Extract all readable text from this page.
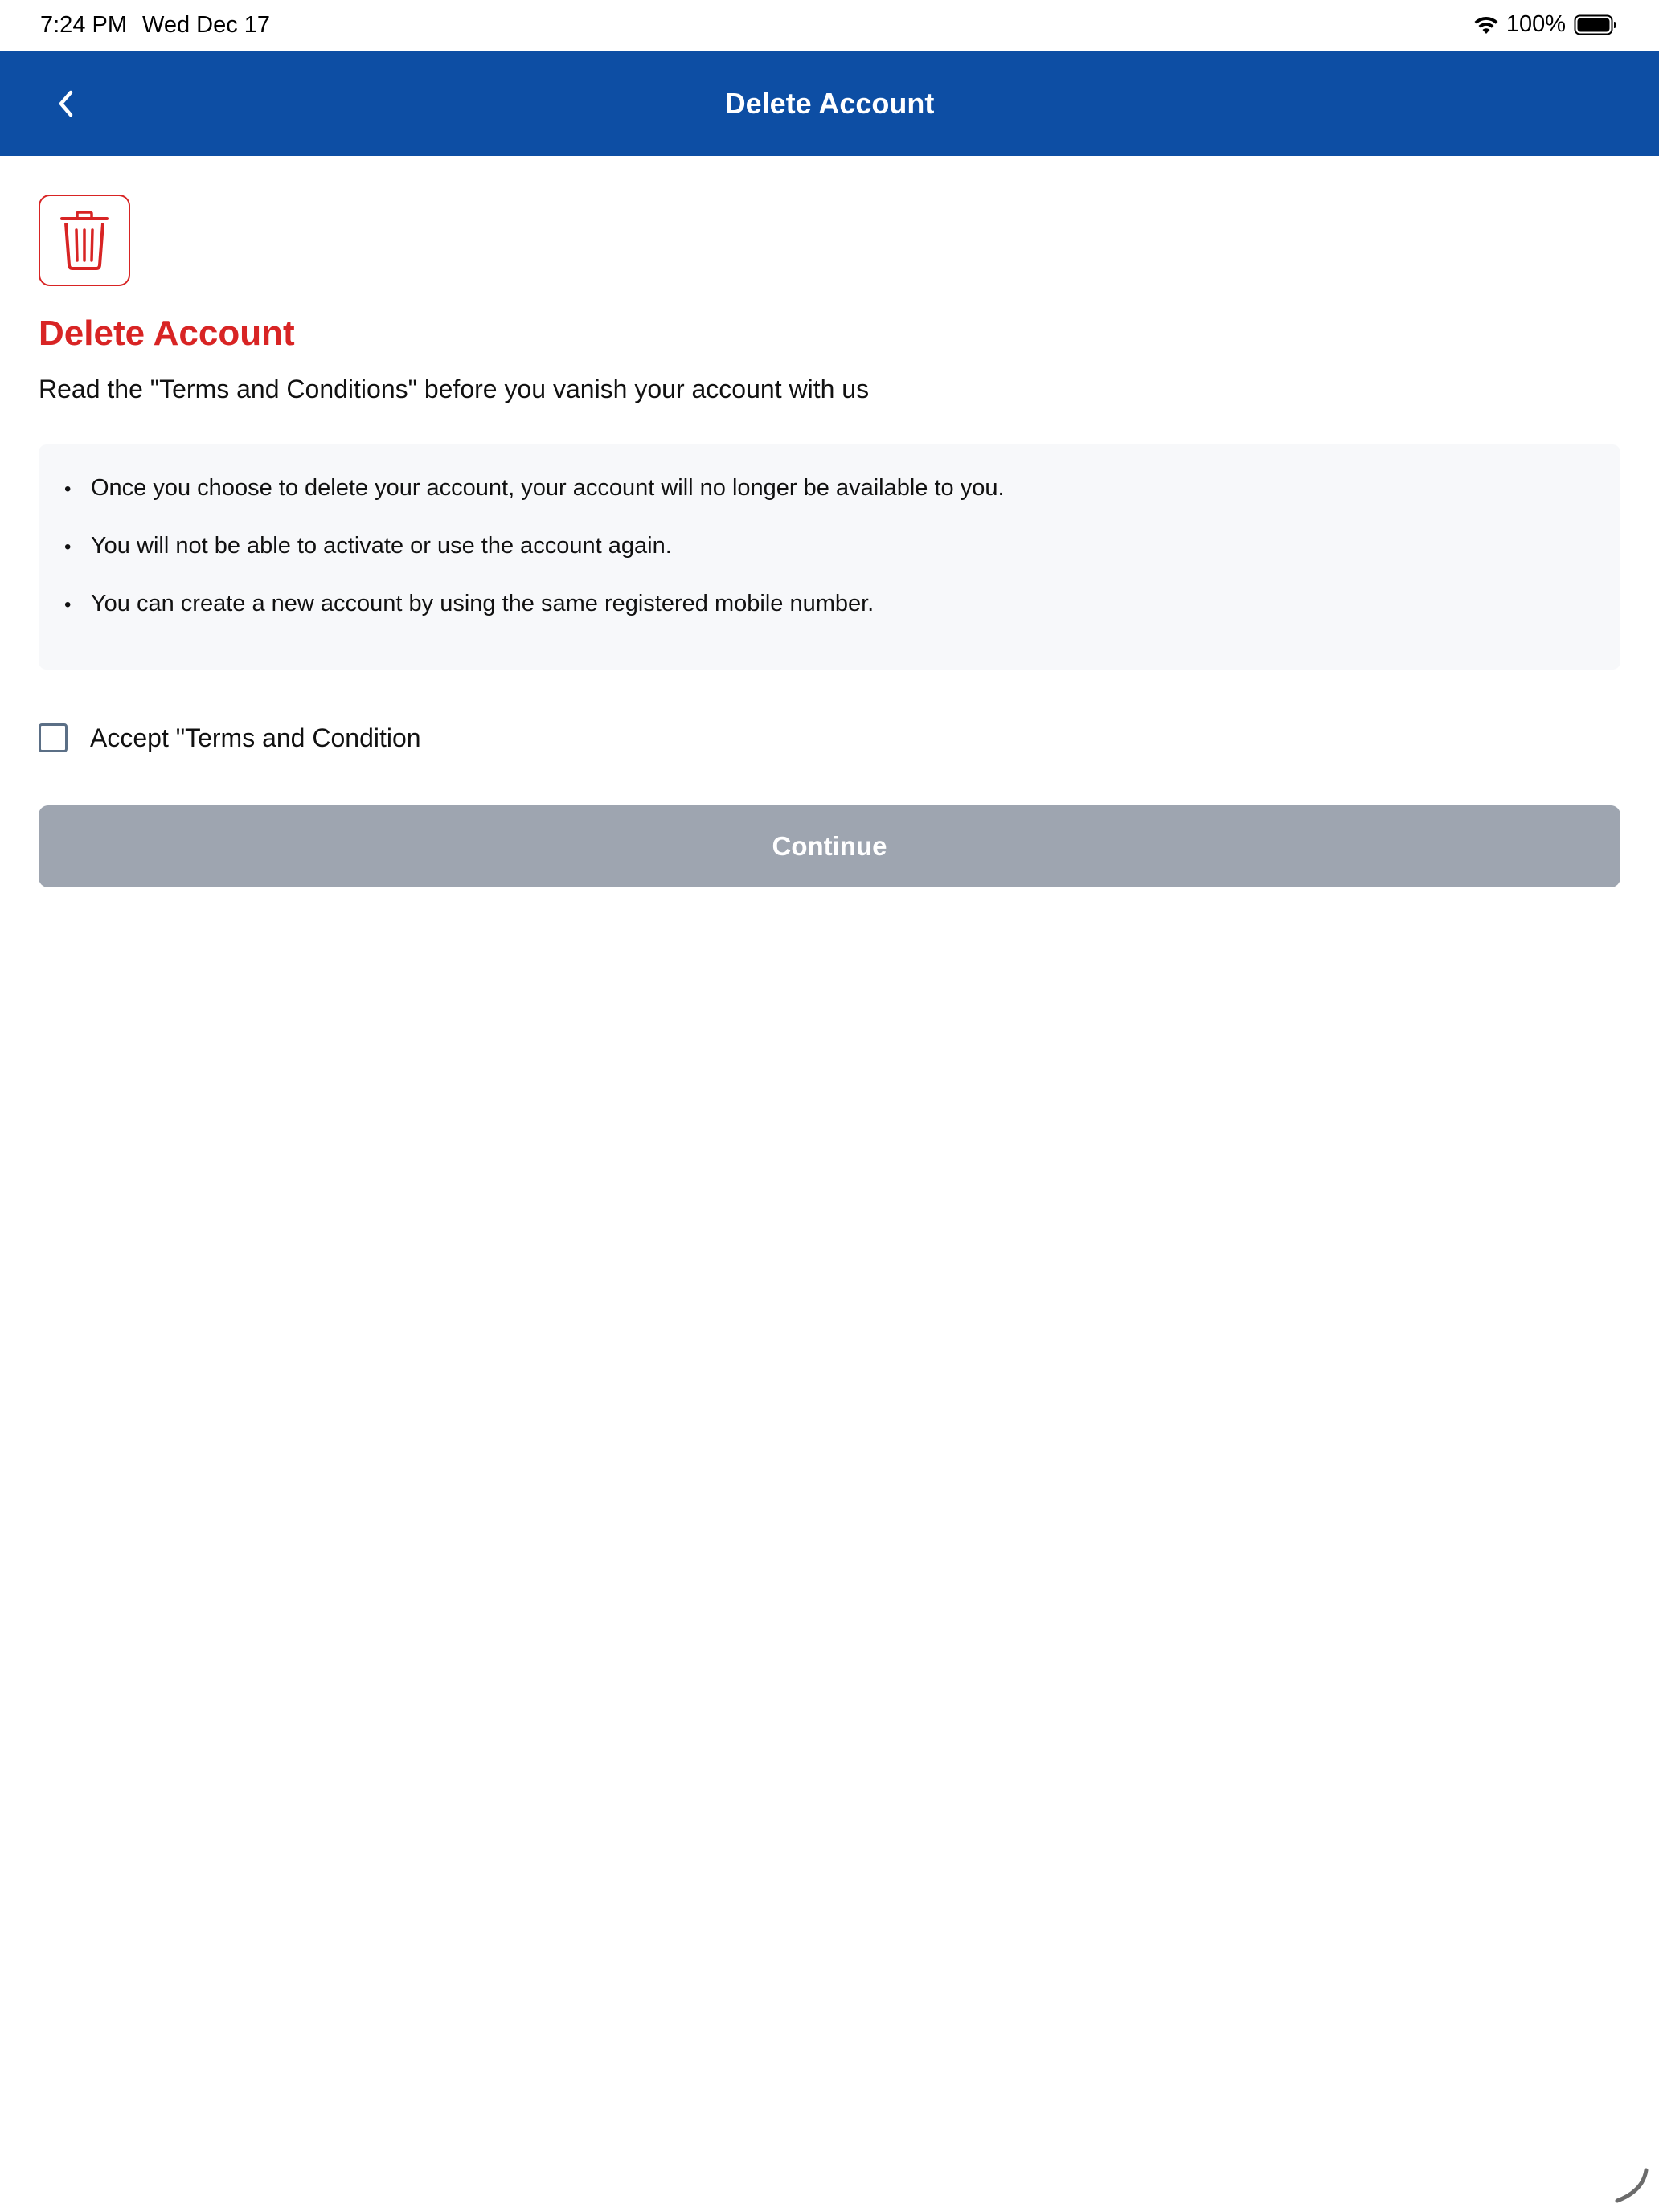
7:24 PM Wed Dec 17	100%
Delete Account
Delete Account
Read the "Terms and Conditions" before you vanish your account with us
• Once you choose to delete your account, your account will no longer be available to you.
• You will not be able to activate or use the account again.
• You can create a new account by using the same registered mobile number.
Accept "Terms and Condition
Continue
